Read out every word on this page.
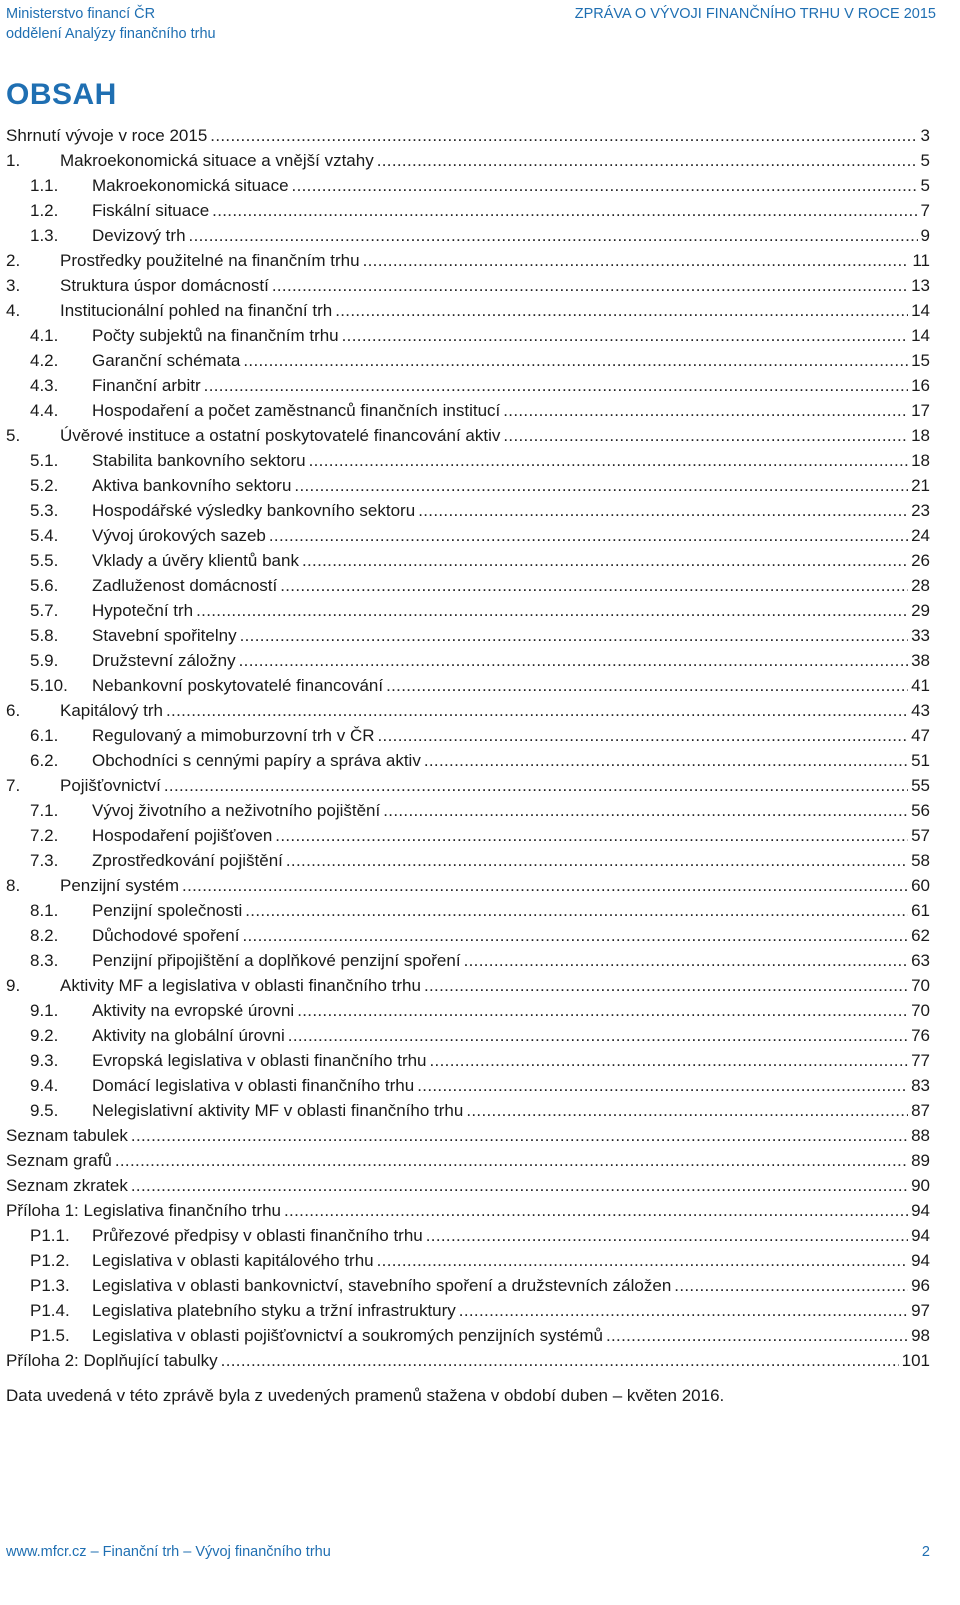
Ministerstvo financí ČR
oddělení Analýzy finančního trhu
ZPRÁVA O VÝVOJI FINANČNÍHO TRHU V ROCE 2015
OBSAH
Shrnutí vývoje v roce 2015 . . .	3
1.	Makroekonomická situace a vnější vztahy . . .	5
1.1.	Makroekonomická situace . . .	5
1.2.	Fiskální situace . . .	7
1.3.	Devizový trh . . .	9
2.	Prostředky použitelné na finančním trhu . . .	11
3.	Struktura úspor domácností . . .	13
4.	Institucionální pohled na finanční trh . . .	14
4.1.	Počty subjektů na finančním trhu . . .	14
4.2.	Garanční schémata . . .	15
4.3.	Finanční arbitr . . .	16
4.4.	Hospodaření a počet zaměstnanců finančních institucí . . .	17
5.	Úvěrové instituce a ostatní poskytovatelé financování aktiv . . .	18
5.1.	Stabilita bankovního sektoru . . .	18
5.2.	Aktiva bankovního sektoru . . .	21
5.3.	Hospodářské výsledky bankovního sektoru . . .	23
5.4.	Vývoj úrokových sazeb . . .	24
5.5.	Vklady a úvěry klientů bank . . .	26
5.6.	Zadluženost domácností . . .	28
5.7.	Hypoteční trh . . .	29
5.8.	Stavební spořitelny . . .	33
5.9.	Družstevní záložny . . .	38
5.10.	Nebankovní poskytovatelé financování . . .	41
6.	Kapitálový trh . . .	43
6.1.	Regulovaný a mimoburzovní trh v ČR . . .	47
6.2.	Obchodníci s cennými papíry a správa aktiv . . .	51
7.	Pojišťovnictví . . .	55
7.1.	Vývoj životního a neživotního pojištění . . .	56
7.2.	Hospodaření pojišťoven . . .	57
7.3.	Zprostředkování pojištění . . .	58
8.	Penzijní systém . . .	60
8.1.	Penzijní společnosti . . .	61
8.2.	Důchodové spoření . . .	62
8.3.	Penzijní připojištění a doplňkové penzijní spoření . . .	63
9.	Aktivity MF a legislativa v oblasti finančního trhu . . .	70
9.1.	Aktivity na evropské úrovni . . .	70
9.2.	Aktivity na globální úrovni . . .	76
9.3.	Evropská legislativa v oblasti finančního trhu . . .	77
9.4.	Domácí legislativa v oblasti finančního trhu . . .	83
9.5.	Nelegislativní aktivity MF v oblasti finančního trhu . . .	87
Seznam tabulek . . .	88
Seznam grafů . . .	89
Seznam zkratek . . .	90
Příloha 1: Legislativa finančního trhu . . .	94
P1.1.	Průřezové předpisy v oblasti finančního trhu . . .	94
P1.2.	Legislativa v oblasti kapitálového trhu . . .	94
P1.3.	Legislativa v oblasti bankovnictví, stavebního spoření a družstevních záložen . . .	96
P1.4.	Legislativa platebního styku a tržní infrastruktury . . .	97
P1.5.	Legislativa v oblasti pojišťovnictví a soukromých penzijních systémů . . .	98
Příloha 2: Doplňující tabulky . . .	101
Data uvedená v této zprávě byla z uvedených pramenů stažena v období duben – květen 2016.
www.mfcr.cz – Finanční trh – Vývoj finančního trhu	2
